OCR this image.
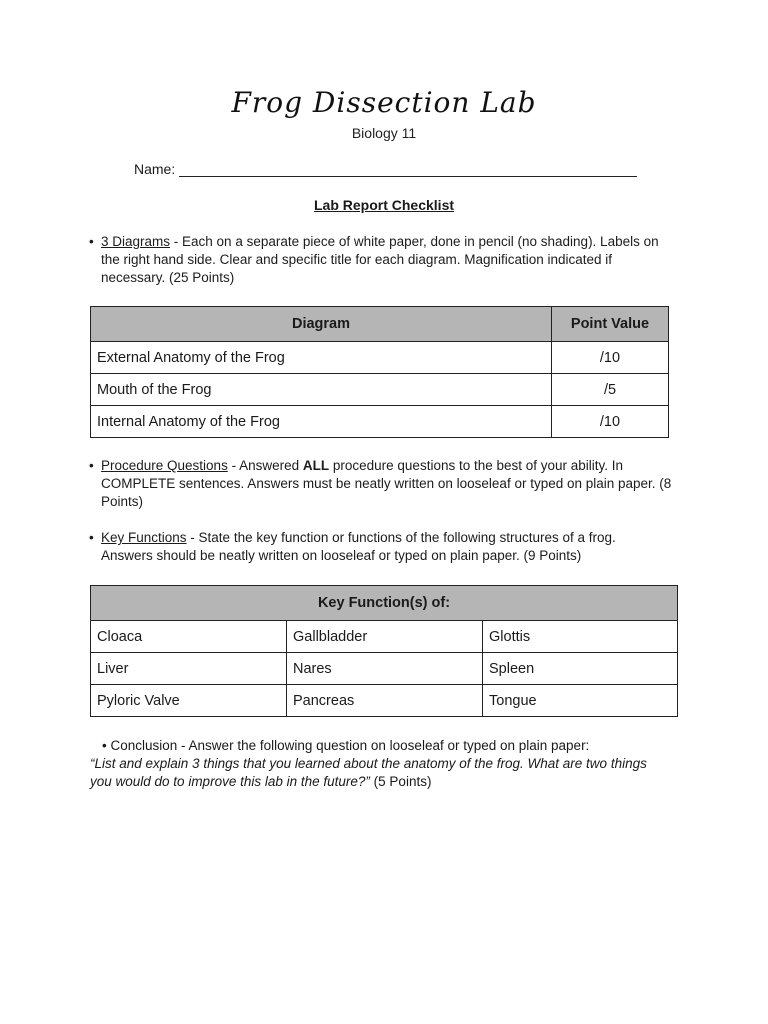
Frog Dissection Lab
Biology 11
Name:
Lab Report Checklist
• 3 Diagrams - Each on a separate piece of white paper, done in pencil (no shading). Labels on the right hand side. Clear and specific title for each diagram. Magnification indicated if necessary. (25 Points)
Diagram	Point Value
External Anatomy of the Frog	/10
Mouth of the Frog	/5
Internal Anatomy of the Frog	/10
• Procedure Questions - Answered ALL procedure questions to the best of your ability. In COMPLETE sentences. Answers must be neatly written on looseleaf or typed on plain paper. (8 Points)
• Key Functions - State the key function or functions of the following structures of a frog. Answers should be neatly written on looseleaf or typed on plain paper. (9 Points)
Key Function(s) of:		
Cloaca	Gallbladder	Glottis
Liver	Nares	Spleen
Pyloric Valve	Pancreas	Tongue
• Conclusion - Answer the following question on looseleaf or typed on plain paper:
“List and explain 3 things that you learned about the anatomy of the frog. What are two things you would do to improve this lab in the future?” (5 Points)
